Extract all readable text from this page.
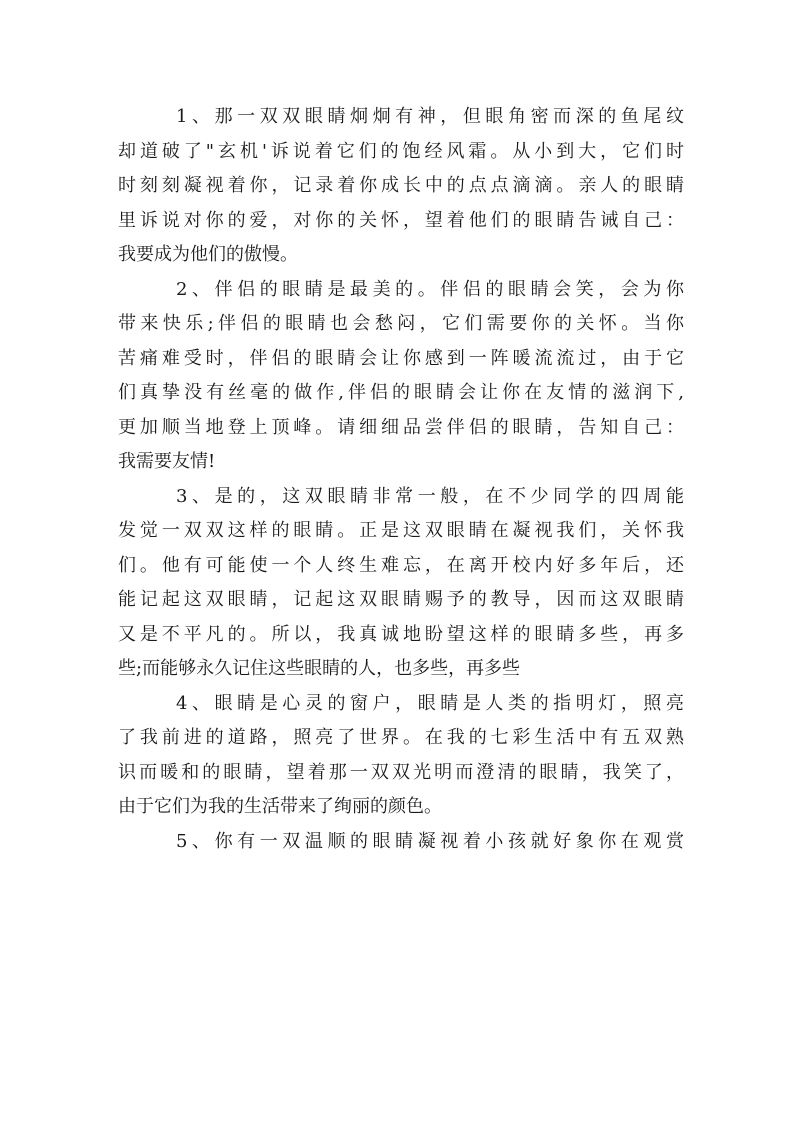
1、那一双双眼睛炯炯有神，但眼角密而深的鱼尾纹
却道破了"玄机'诉说着它们的饱经风霜。从小到大，它们时
时刻刻凝视着你，记录着你成长中的点点滴滴。亲人的眼睛
里诉说对你的爱，对你的关怀，望着他们的眼睛告诫自己：
我要成为他们的傲慢。
2、伴侣的眼睛是最美的。伴侣的眼睛会笑，会为你
带来快乐;伴侣的眼睛也会愁闷，它们需要你的关怀。当你
苦痛难受时，伴侣的眼睛会让你感到一阵暖流流过，由于它
们真挚没有丝毫的做作,伴侣的眼睛会让你在友情的滋润下,
更加顺当地登上顶峰。请细细品尝伴侣的眼睛，告知自己：
我需要友情!
3、是的，这双眼睛非常一般，在不少同学的四周能
发觉一双双这样的眼睛。正是这双眼睛在凝视我们，关怀我
们。他有可能使一个人终生难忘，在离开校内好多年后，还
能记起这双眼睛，记起这双眼睛赐予的教导，因而这双眼睛
又是不平凡的。所以，我真诚地盼望这样的眼睛多些，再多
些;而能够永久记住这些眼睛的人，也多些，再多些
4、眼睛是心灵的窗户，眼睛是人类的指明灯，照亮
了我前进的道路，照亮了世界。在我的七彩生活中有五双熟
识而暖和的眼睛，望着那一双双光明而澄清的眼睛，我笑了，
由于它们为我的生活带来了绚丽的颜色。
5、你有一双温顺的眼睛凝视着小孩就好象你在观赏
